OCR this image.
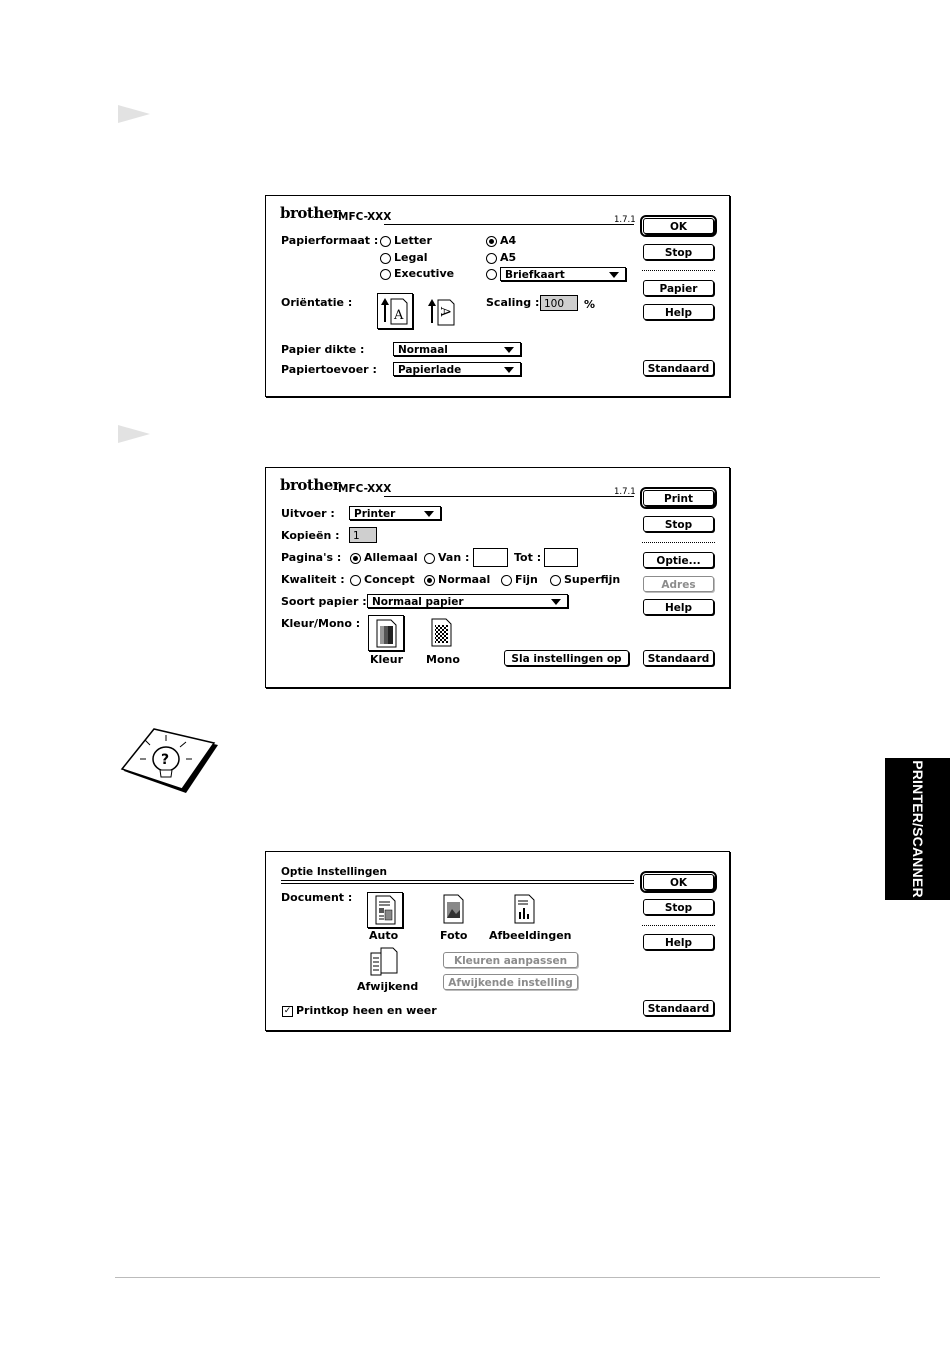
brother
MFC-XXX	1.7.1
Papierformaat : Letter
Legal
Executive
A4
A5
Briefkaart
Oriëntatie :
A	A
Scaling : 100	%
Papier dikte :	Normaal
Papiertoevoer :	Papierlade
OK
Stop
Papier
Help
Standaard
brother
MFC-XXX	1.7.1
Uitvoer :	Printer
Kopieën :	1
Pagina's : Allemaal Van :	Tot :
Kwaliteit : Concept Normaal Fijn Superfijn
Soort papier : Normaal papier
Kleur/Mono :
Kleur Mono	Sla instellingen op
Print
Stop
Optie...
Adres
Help
Standaard
?
PRINTER/SCANNER
Optie Instellingen
Document :
Auto	Foto Afbeeldingen
Afwijkend
Kleuren aanpassen
Afwijkende instelling
✓ Printkop heen en weer
OK
Stop
Help
Standaard
